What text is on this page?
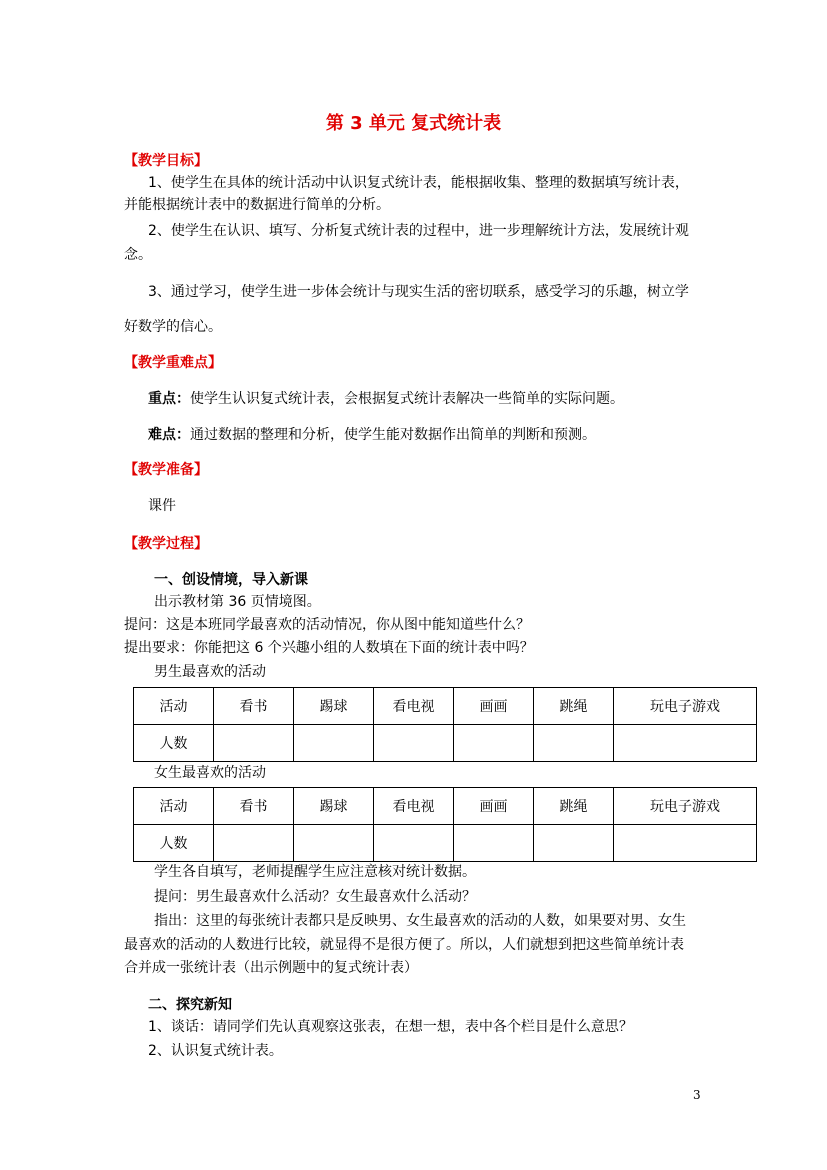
第 3 单元 复式统计表
【教学目标】
1、使学生在具体的统计活动中认识复式统计表，能根据收集、整理的数据填写统计表，
并能根据统计表中的数据进行简单的分析。
2、使学生在认识、填写、分析复式统计表的过程中，进一步理解统计方法，发展统计观
念。
3、通过学习，使学生进一步体会统计与现实生活的密切联系，感受学习的乐趣，树立学
好数学的信心。
【教学重难点】
重点：使学生认识复式统计表，会根据复式统计表解决一些简单的实际问题。
难点：通过数据的整理和分析，使学生能对数据作出简单的判断和预测。
【教学准备】
课件
【教学过程】
一、创设情境，导入新课
出示教材第 36 页情境图。
提问：这是本班同学最喜欢的活动情况，你从图中能知道些什么？
提出要求：你能把这 6 个兴趣小组的人数填在下面的统计表中吗？
男生最喜欢的活动
活动	看书	踢球	看电视	画画	跳绳	玩电子游戏
人数						
女生最喜欢的活动
活动	看书	踢球	看电视	画画	跳绳	玩电子游戏
人数						
学生各自填写，老师提醒学生应注意核对统计数据。
提问：男生最喜欢什么活动？女生最喜欢什么活动？
指出：这里的每张统计表都只是反映男、女生最喜欢的活动的人数，如果要对男、女生
最喜欢的活动的人数进行比较，就显得不是很方便了。所以，人们就想到把这些简单统计表
合并成一张统计表（出示例题中的复式统计表）
二、探究新知
1、谈话：请同学们先认真观察这张表，在想一想，表中各个栏目是什么意思？
2、认识复式统计表。
3
